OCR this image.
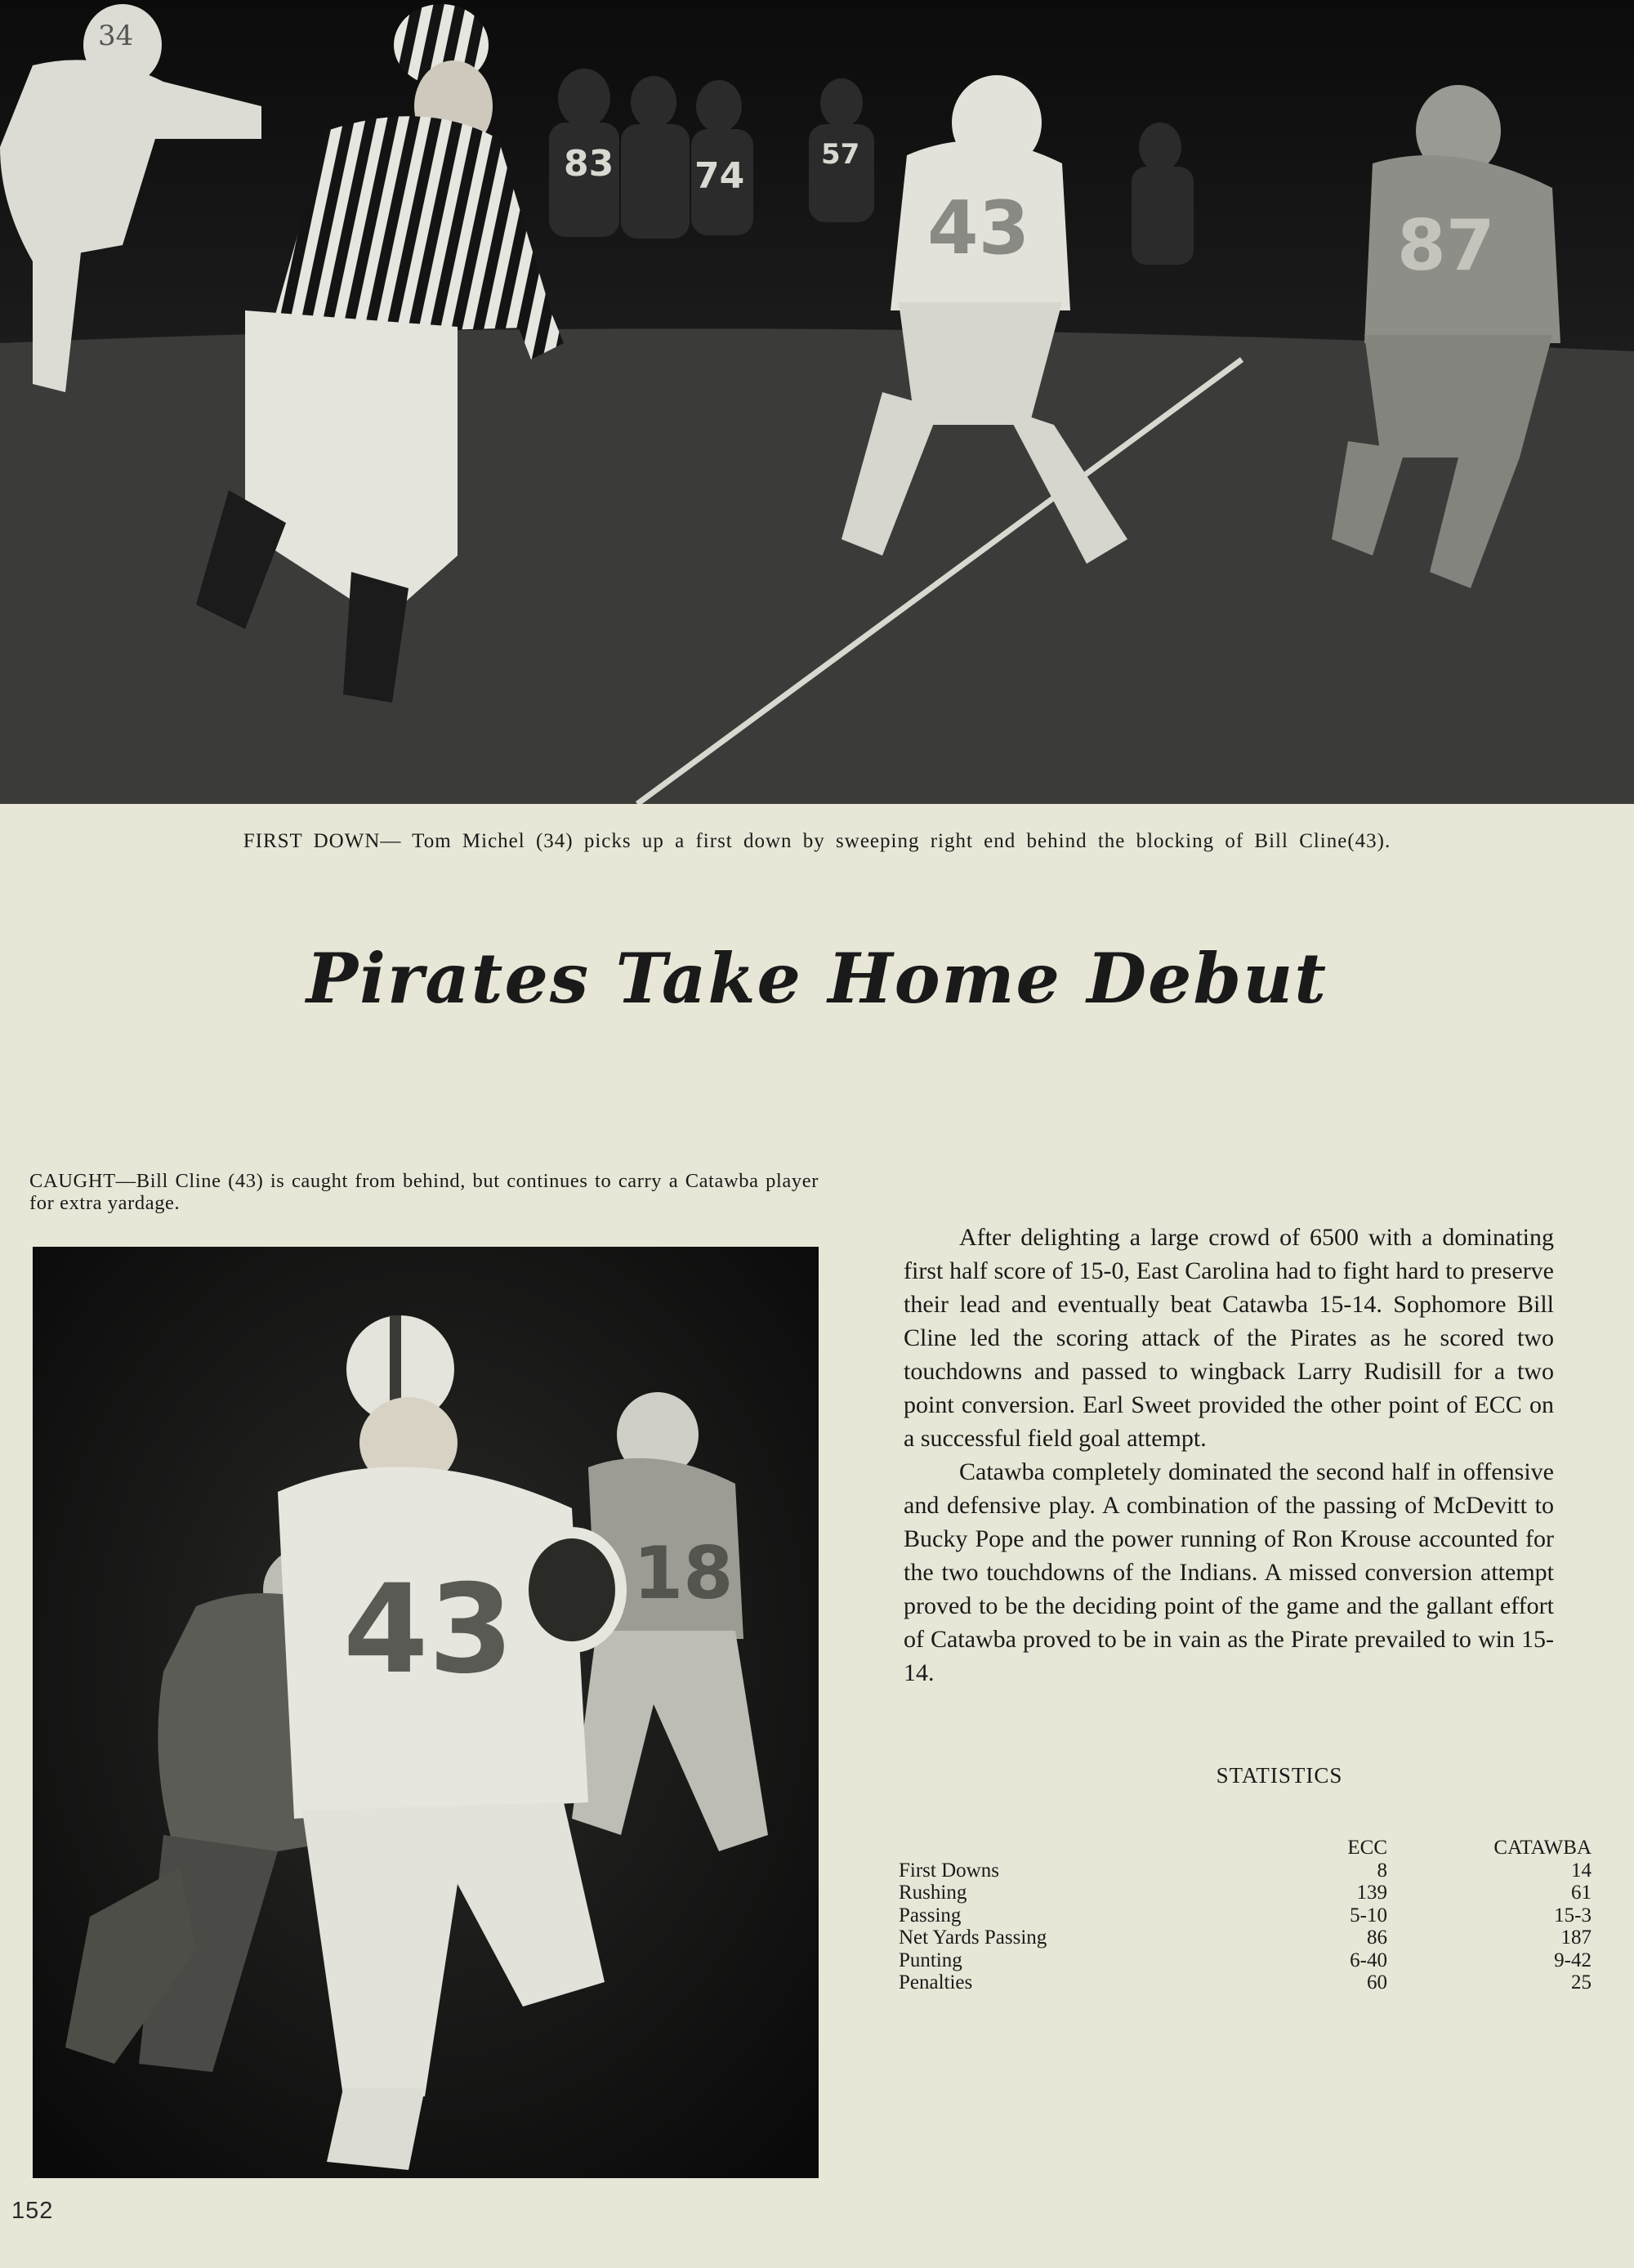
83 74
57
34
43	87
FIRST DOWN— Tom Michel (34) picks up a first down by sweeping right end behind the blocking of Bill Cline(43).
Pirates Take Home Debut
CAUGHT—Bill Cline (43) is caught from behind, but continues to carry a Catawba player for extra yardage.
18
43

After delighting a large crowd of 6500 with a dominating first half score of 15-0, East Carolina had to fight hard to preserve their lead and eventually beat Catawba 15-14. Sophomore Bill Cline led the scoring attack of the Pirates as he scored two touchdowns and passed to wingback Larry Rudisill for a two point conversion. Earl Sweet provided the other point of ECC on a successful field goal attempt.

Catawba completely dominated the second half in offensive and defensive play. A combination of the passing of McDevitt to Bucky Pope and the power running of Ron Krouse accounted for the two touchdowns of the Indians. A missed conversion attempt proved to be the deciding point of the game and the gallant effort of Catawba proved to be in vain as the Pirate prevailed to win 15-14.

STATISTICS
	ECC	CATAWBA
First Downs	8	14
Rushing	139	61
Passing	5-10	15-3
Net Yards Passing	86	187
Punting	6-40	9-42
Penalties	60	25
152
